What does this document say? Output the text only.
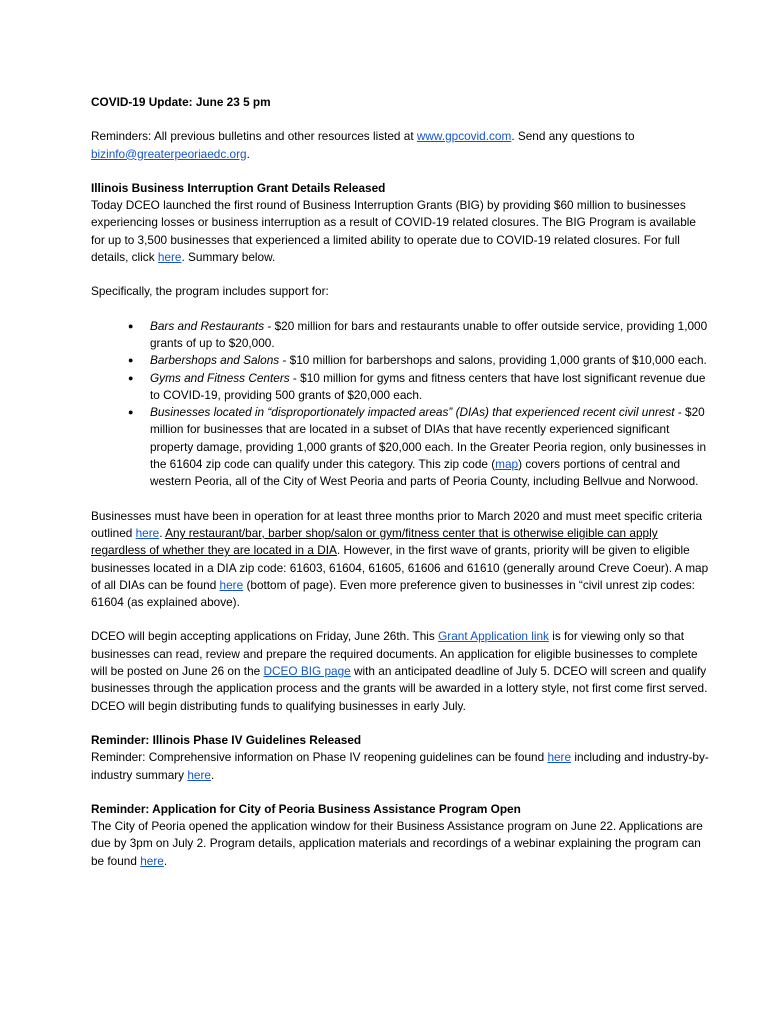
COVID-19 Update: June 23 5 pm

Reminders: All previous bulletins and other resources listed at www.gpcovid.com. Send any questions to bizinfo@greaterpeoriaedc.org.

Illinois Business Interruption Grant Details Released

Today DCEO launched the first round of Business Interruption Grants (BIG) by providing $60 million to businesses experiencing losses or business interruption as a result of COVID-19 related closures. The BIG Program is available for up to 3,500 businesses that experienced a limited ability to operate due to COVID-19 related closures. For full details, click here. Summary below.

Specifically, the program includes support for:

● Bars and Restaurants - $20 million for bars and restaurants unable to offer outside service, providing 1,000 grants of up to $20,000.
● Barbershops and Salons - $10 million for barbershops and salons, providing 1,000 grants of $10,000 each.
● Gyms and Fitness Centers - $10 million for gyms and fitness centers that have lost significant revenue due to COVID-19, providing 500 grants of $20,000 each.
● Businesses located in “disproportionately impacted areas” (DIAs) that experienced recent civil unrest - $20 million for businesses that are located in a subset of DIAs that have recently experienced significant property damage, providing 1,000 grants of $20,000 each. In the Greater Peoria region, only businesses in the 61604 zip code can qualify under this category. This zip code (map) covers portions of central and western Peoria, all of the City of West Peoria and parts of Peoria County, including Bellvue and Norwood.

Businesses must have been in operation for at least three months prior to March 2020 and must meet specific criteria outlined here. Any restaurant/bar, barber shop/salon or gym/fitness center that is otherwise eligible can apply regardless of whether they are located in a DIA. However, in the first wave of grants, priority will be given to eligible businesses located in a DIA zip code: 61603, 61604, 61605, 61606 and 61610 (generally around Creve Coeur). A map of all DIAs can be found here (bottom of page). Even more preference given to businesses in “civil unrest zip codes: 61604 (as explained above).

DCEO will begin accepting applications on Friday, June 26th. This Grant Application link is for viewing only so that businesses can read, review and prepare the required documents. An application for eligible businesses to complete will be posted on June 26 on the DCEO BIG page with an anticipated deadline of July 5. DCEO will screen and qualify businesses through the application process and the grants will be awarded in a lottery style, not first come first served. DCEO will begin distributing funds to qualifying businesses in early July.

Reminder: Illinois Phase IV Guidelines Released

Reminder: Comprehensive information on Phase IV reopening guidelines can be found here including and industry-by-industry summary here.

Reminder: Application for City of Peoria Business Assistance Program Open

The City of Peoria opened the application window for their Business Assistance program on June 22. Applications are due by 3pm on July 2. Program details, application materials and recordings of a webinar explaining the program can be found here.
